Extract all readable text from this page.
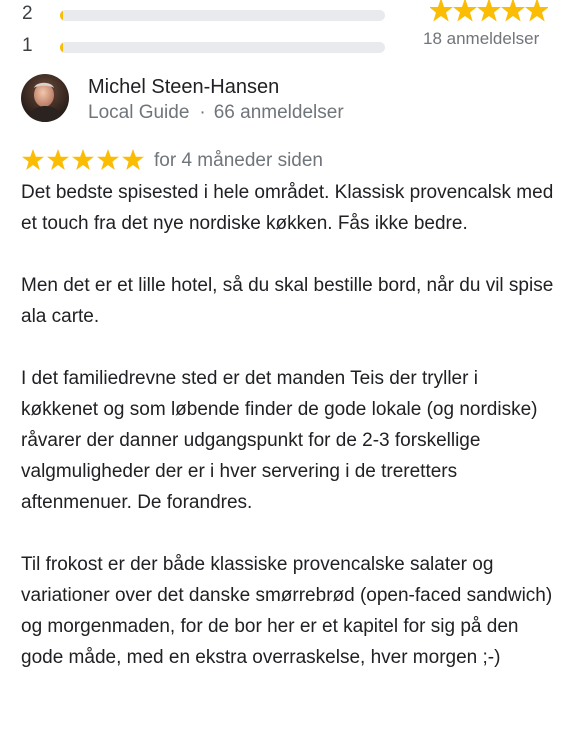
2
1	18 anmeldelser
Michel Steen-Hansen
Local Guide · 66 anmeldelser
for 4 måneder siden

Det bedste spisested i hele området. Klassisk provencalsk med et touch fra det nye nordiske køkken. Fås ikke bedre.

Men det er et lille hotel, så du skal bestille bord, når du vil spise ala carte.

I det familiedrevne sted er det manden Teis der tryller i køkkenet og som løbende finder de gode lokale (og nordiske) råvarer der danner udgangspunkt for de 2-3 forskellige valgmuligheder der er i hver servering i de treretters aftenmenuer. De forandres.

Til frokost er der både klassiske provencalske salater og variationer over det danske smørrebrød (open-faced sandwich) og morgenmaden, for de bor her er et kapitel for sig på den gode måde, med en ekstra overraskelse, hver morgen ;-)
